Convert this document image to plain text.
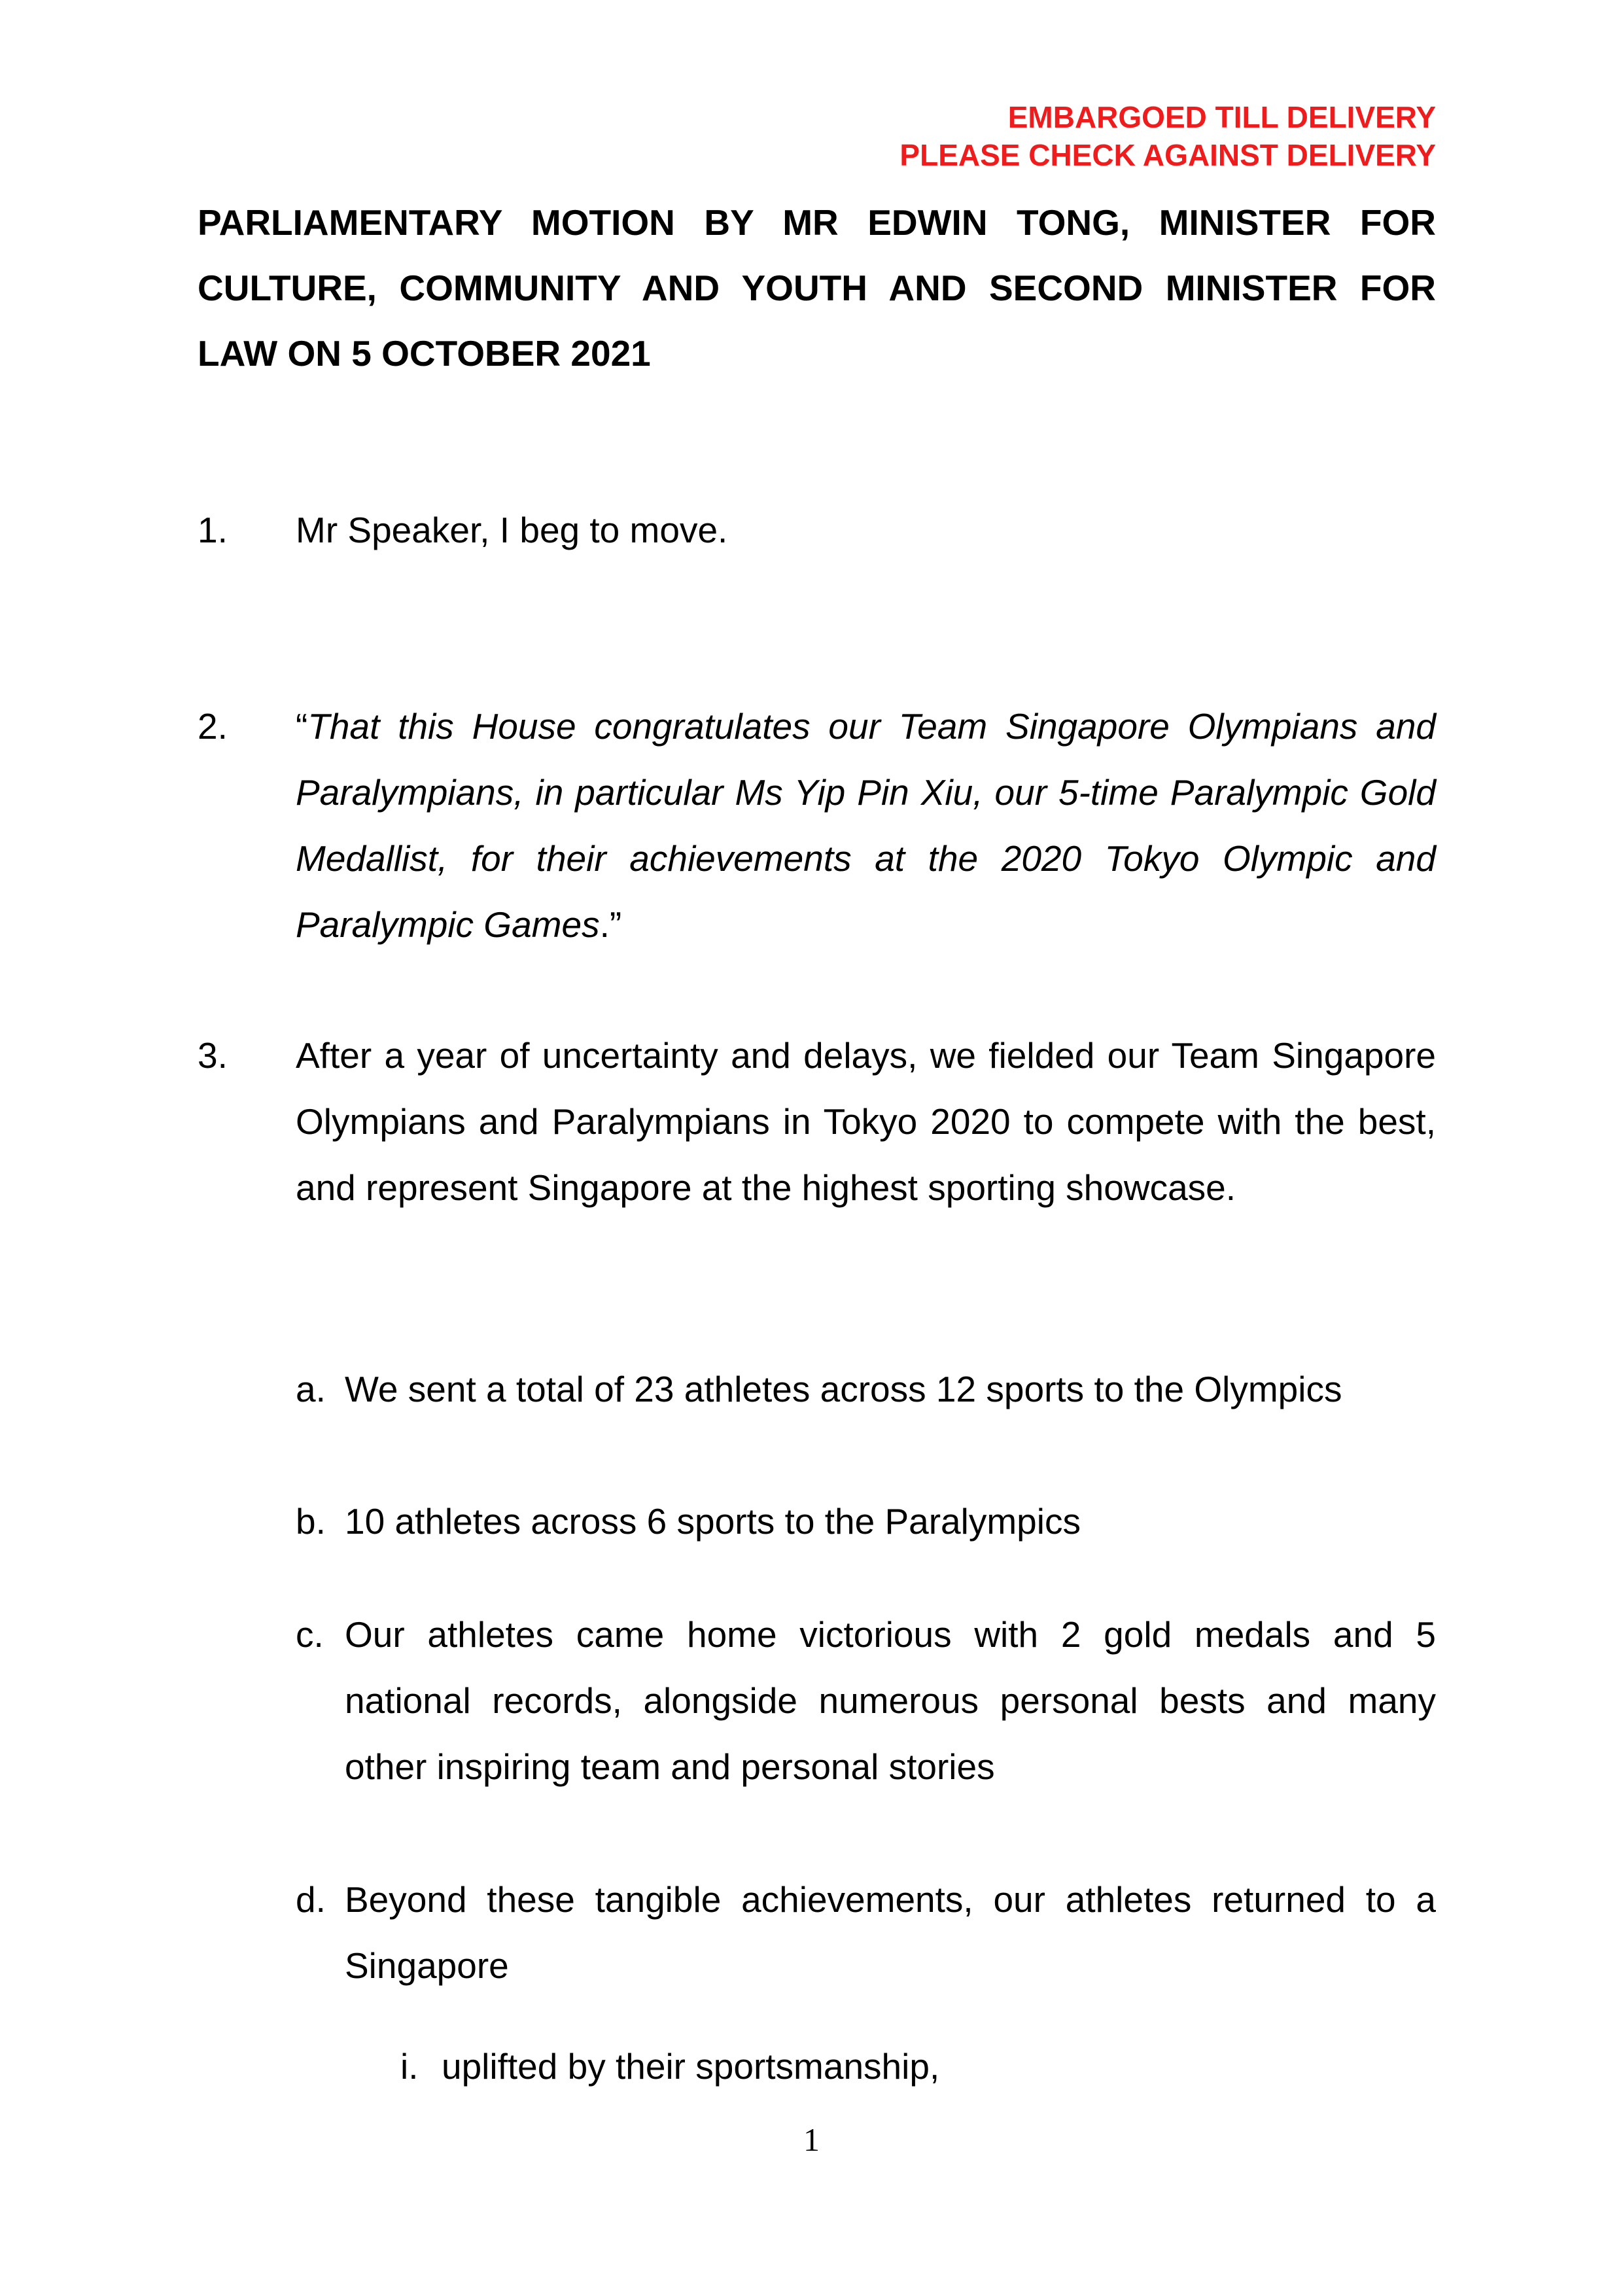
EMBARGOED TILL DELIVERY
PLEASE CHECK AGAINST DELIVERY
PARLIAMENTARY MOTION BY MR EDWIN TONG, MINISTER FOR CULTURE, COMMUNITY AND YOUTH AND SECOND MINISTER FOR LAW ON 5 OCTOBER 2021
1. Mr Speaker, I beg to move.
2. “That this House congratulates our Team Singapore Olympians and Paralympians, in particular Ms Yip Pin Xiu, our 5-time Paralympic Gold Medallist, for their achievements at the 2020 Tokyo Olympic and Paralympic Games.”
3. After a year of uncertainty and delays, we fielded our Team Singapore Olympians and Paralympians in Tokyo 2020 to compete with the best, and represent Singapore at the highest sporting showcase.
a. We sent a total of 23 athletes across 12 sports to the Olympics
b. 10 athletes across 6 sports to the Paralympics
c. Our athletes came home victorious with 2 gold medals and 5 national records, alongside numerous personal bests and many other inspiring team and personal stories
d. Beyond these tangible achievements, our athletes returned to a Singapore
i. uplifted by their sportsmanship,
1
